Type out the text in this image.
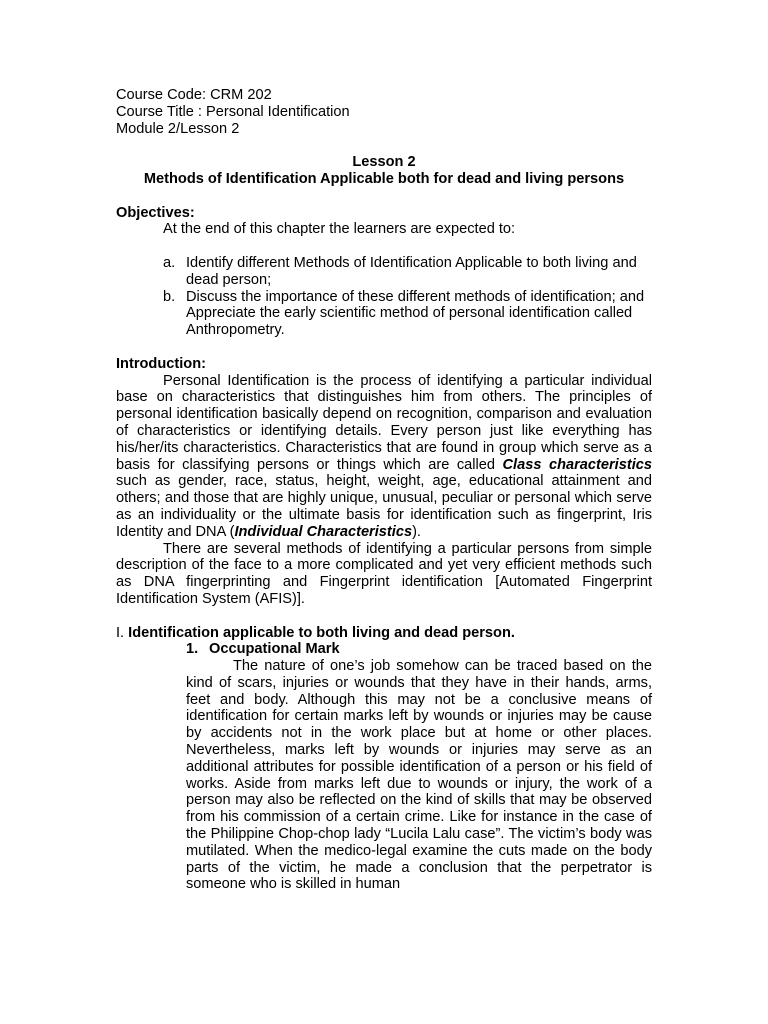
Course Code: CRM 202
Course Title : Personal Identification
Module 2/Lesson 2
Lesson 2
Methods of Identification Applicable both for dead and living persons
Objectives:
At the end of this chapter the learners are expected to:
a. Identify different Methods of Identification Applicable to both living and dead person;
b. Discuss the importance of these different methods of identification; and
Appreciate the early scientific method of personal identification called Anthropometry.
Introduction:

Personal Identification is the process of identifying a particular individual base on characteristics that distinguishes him from others. The principles of personal identification basically depend on recognition, comparison and evaluation of characteristics or identifying details. Every person just like everything has his/her/its characteristics. Characteristics that are found in group which serve as a basis for classifying persons or things which are called Class characteristics such as gender, race, status, height, weight, age, educational attainment and others; and those that are highly unique, unusual, peculiar or personal which serve as an individuality or the ultimate basis for identification such as fingerprint, Iris Identity and DNA (Individual Characteristics).

There are several methods of identifying a particular persons from simple description of the face to a more complicated and yet very efficient methods such as DNA fingerprinting and Fingerprint identification [Automated Fingerprint Identification System (AFIS)].

I. Identification applicable to both living and dead person.
1. Occupational Mark

The nature of one’s job somehow can be traced based on the kind of scars, injuries or wounds that they have in their hands, arms, feet and body. Although this may not be a conclusive means of identification for certain marks left by wounds or injuries may be cause by accidents not in the work place but at home or other places. Nevertheless, marks left by wounds or injuries may serve as an additional attributes for possible identification of a person or his field of works. Aside from marks left due to wounds or injury, the work of a person may also be reflected on the kind of skills that may be observed from his commission of a certain crime. Like for instance in the case of the Philippine Chop-chop lady “Lucila Lalu case”. The victim’s body was mutilated. When the medico-legal examine the cuts made on the body parts of the victim, he made a conclusion that the perpetrator is someone who is skilled in human
